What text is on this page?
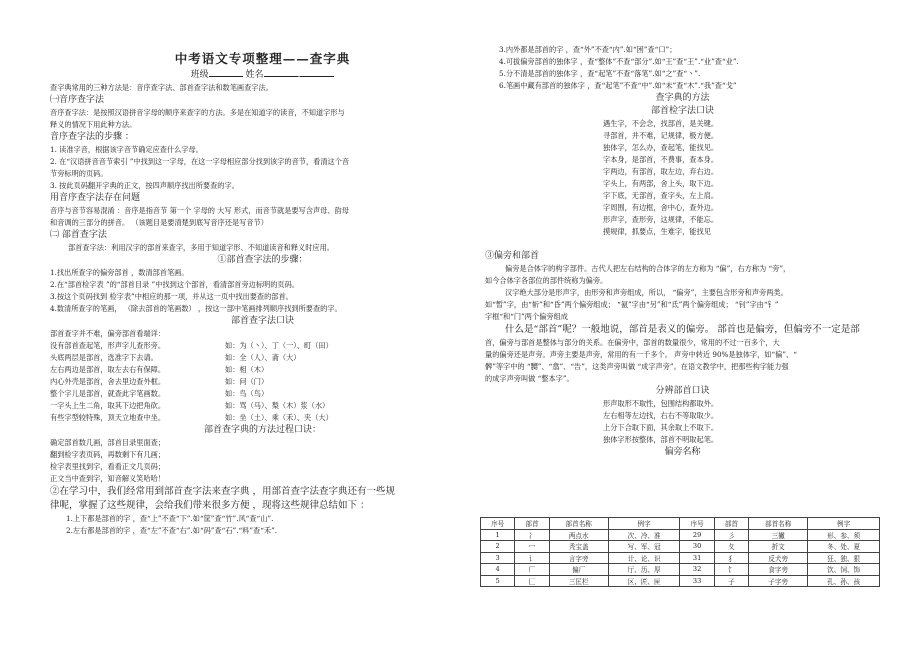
中考语文专项整理——查字典
班级	姓名	.
查字典常用的三种方法是：音序查字法、部首查字法和数笔画查字法。
㈠音序查字法
音序查字法：是按照汉语拼音字母的顺序来查字的方法。多是在知道字的读音，不知道字形与
释义的情况下用此种方法。
音序查字法的步骤 ：
1. 读准字音，根据该字音节确定应查什么字母。
2. 在“汉语拼音音节索引 ”中找到这一字母，在这一字母相应部分找到该字的音节，看清这个音
节旁标明的页码。
3. 按此页码翻开字典的正文，按四声顺序找出所要查的字。
用音序查字法存在问题
音序与音节容易混淆 ：音序是指音节 第一个 字母的 大写 形式，而音节就是要写含声母、韵母
和音调的三部分的拼音。 （该题目是要清楚到底写音序还是写音节）
㈡ 部首查字法
部首查字法：利用汉字的部首来查字，多用于知道字形、不知道读音和释义时应用。
①部首查字法的步骤：
1.找出所查字的偏旁部首 ，数清部首笔画。
2.在“部首检字表 ”的“部首目录 ”中找到这个部首，看清部首旁边标明的页码。
3.按这个页码找到 检字表”中相应的那一项，并从这一页中找出要查的部首。
4.数清所查字的笔画， （除去部首的笔画数） ，按这一部中笔画排列顺序找到所要查的字。
部首查字法口诀
部首查字并不难，偏旁部首看端详：
没有部首查起笔，形声字儿查形旁。	如：为（丶）、丁（一）、町（田）
头底两层是部首，选准字下去请。	如：全（人）、斋（大）
左右两边是部首，取左去右有保障。	如：相（木）
内心外壳是部首，舍去里边查外框。	如：问（门）
整个字儿是部首，就查此字笔画数。	如：鸟（鸟）
一字头上生二角，取其下边把角砍。	如：骂（马）、梨（木）浆（水）
有些字型较特殊，顶天立地查中坐。	如：坐（土）、乘（禾）、夹（大）
部首查字典的方法过程口诀：
确定部首数几画，部首目录里面查；
翻到检字表页码，再数剩下有几画；
检字表里找到字，看看正文几页码；
正文当中查到字，知音解义笑哈哈！
②在学习中，我们经常用到部首查字法来查字典 ，用部首查字法查字典还有一些规
律呢，掌握了这些规律，会给我们带来很多方便 ，现将这些规律总结如下 ：
1.上下都是部首的字 ，查“上”不查“下”.如“筐”查“竹”.风“查“山”.
2.左右都是部首的字 ，查“左”不查“右”.如“码”查“石”.“料”查“禾”.
3.内外都是部首的字 ，查“外”不查“内”.如“困”查“口”；
4.可拔偏旁部首的独体字 ，查“整体”不查“部分”.如“王”查“王”.“业”查“业”.
5.分不清是部首的独体字 ，查“起笔”不查“落笔”.如“之”查“丶”.
6.笔画中藏有部首的独体字 ，查“起笔”不查“中”.如“未”查“木”.“我”查“戈”
查字典的方法
部首检字法口诀
遇生字，不会念，找部首，是关键。
寻部首，并不难，记规律，极方便。
独体字，怎么办，查起笔，能找见。
字本身，是部首，不费事，查本身。
字两边，有部首，取左边，弃右边。
字头上，有两部，舍上头，取下边。
字下底，无部首，查字头，左上肩。
字周围，有边框，舍中心，查外边。
形声字，查形旁，这规律，不能忘。
摸规律，抓要点，生难字，能找见
③偏旁和部首
偏旁是合体字的构字部件。古代人把左右结构的合体字的左方称为 “偏”，右方称为 “旁”，
如今合体字各部位的部件统称为偏旁。
汉字绝大部分是形声字，由形旁和声旁组成，所以， “偏旁”，主要包含形旁和声旁两类。
如“暂”字，由“斩”和“昏”两个偏旁组成； “氨”字由“另”和“氐”两个偏旁组成； “钊”字由“钅”
字框“和“门”两个偏旁组成
什么是“部首”呢？一般地说，部首是表义的偏旁。 部首也是偏旁，但偏旁不一定是部
首，偏旁与部首是整体与部分的关系。在偏旁中，部首的数量很少，常用的不过一百多个，大
量的偏旁还是声旁。声旁主要是声旁，常用的有一千多个。 声旁中转近 90%是独体字，如“偏”、“
髀”等字中的 “嬲”、“翕”、“告”，这类声旁叫做 “成字声旁”。在语文教学中，把那些构字能力强
的成字声旁叫做 “整本字”。
分辨部首口诀
形声取形不取性，包围结构都取外。
左右相等左边找，右右不等取取少。
上分下合取下面，其余取上不取下。
独体字形按整体，部首不明取起笔。
偏旁名称
序号	部首	部首名称	例字	序号	部首	部首名称	例字
1	冫	两点水	次、冷、准	29	彡	三撇	形、参、须
2	冖	秃宝盖	写、军、冠	30	夂	折文	冬、处、夏
3	讠	言字旁	计、论、识	31	犭	反犬旁	狂、独、狠
4	厂	偏厂	厅、历、厚	32	饣	食字旁	饮、饲、饰
5	匚	三匡栏	区、匠、匣	33	子	子字旁	孔、孙、孩
